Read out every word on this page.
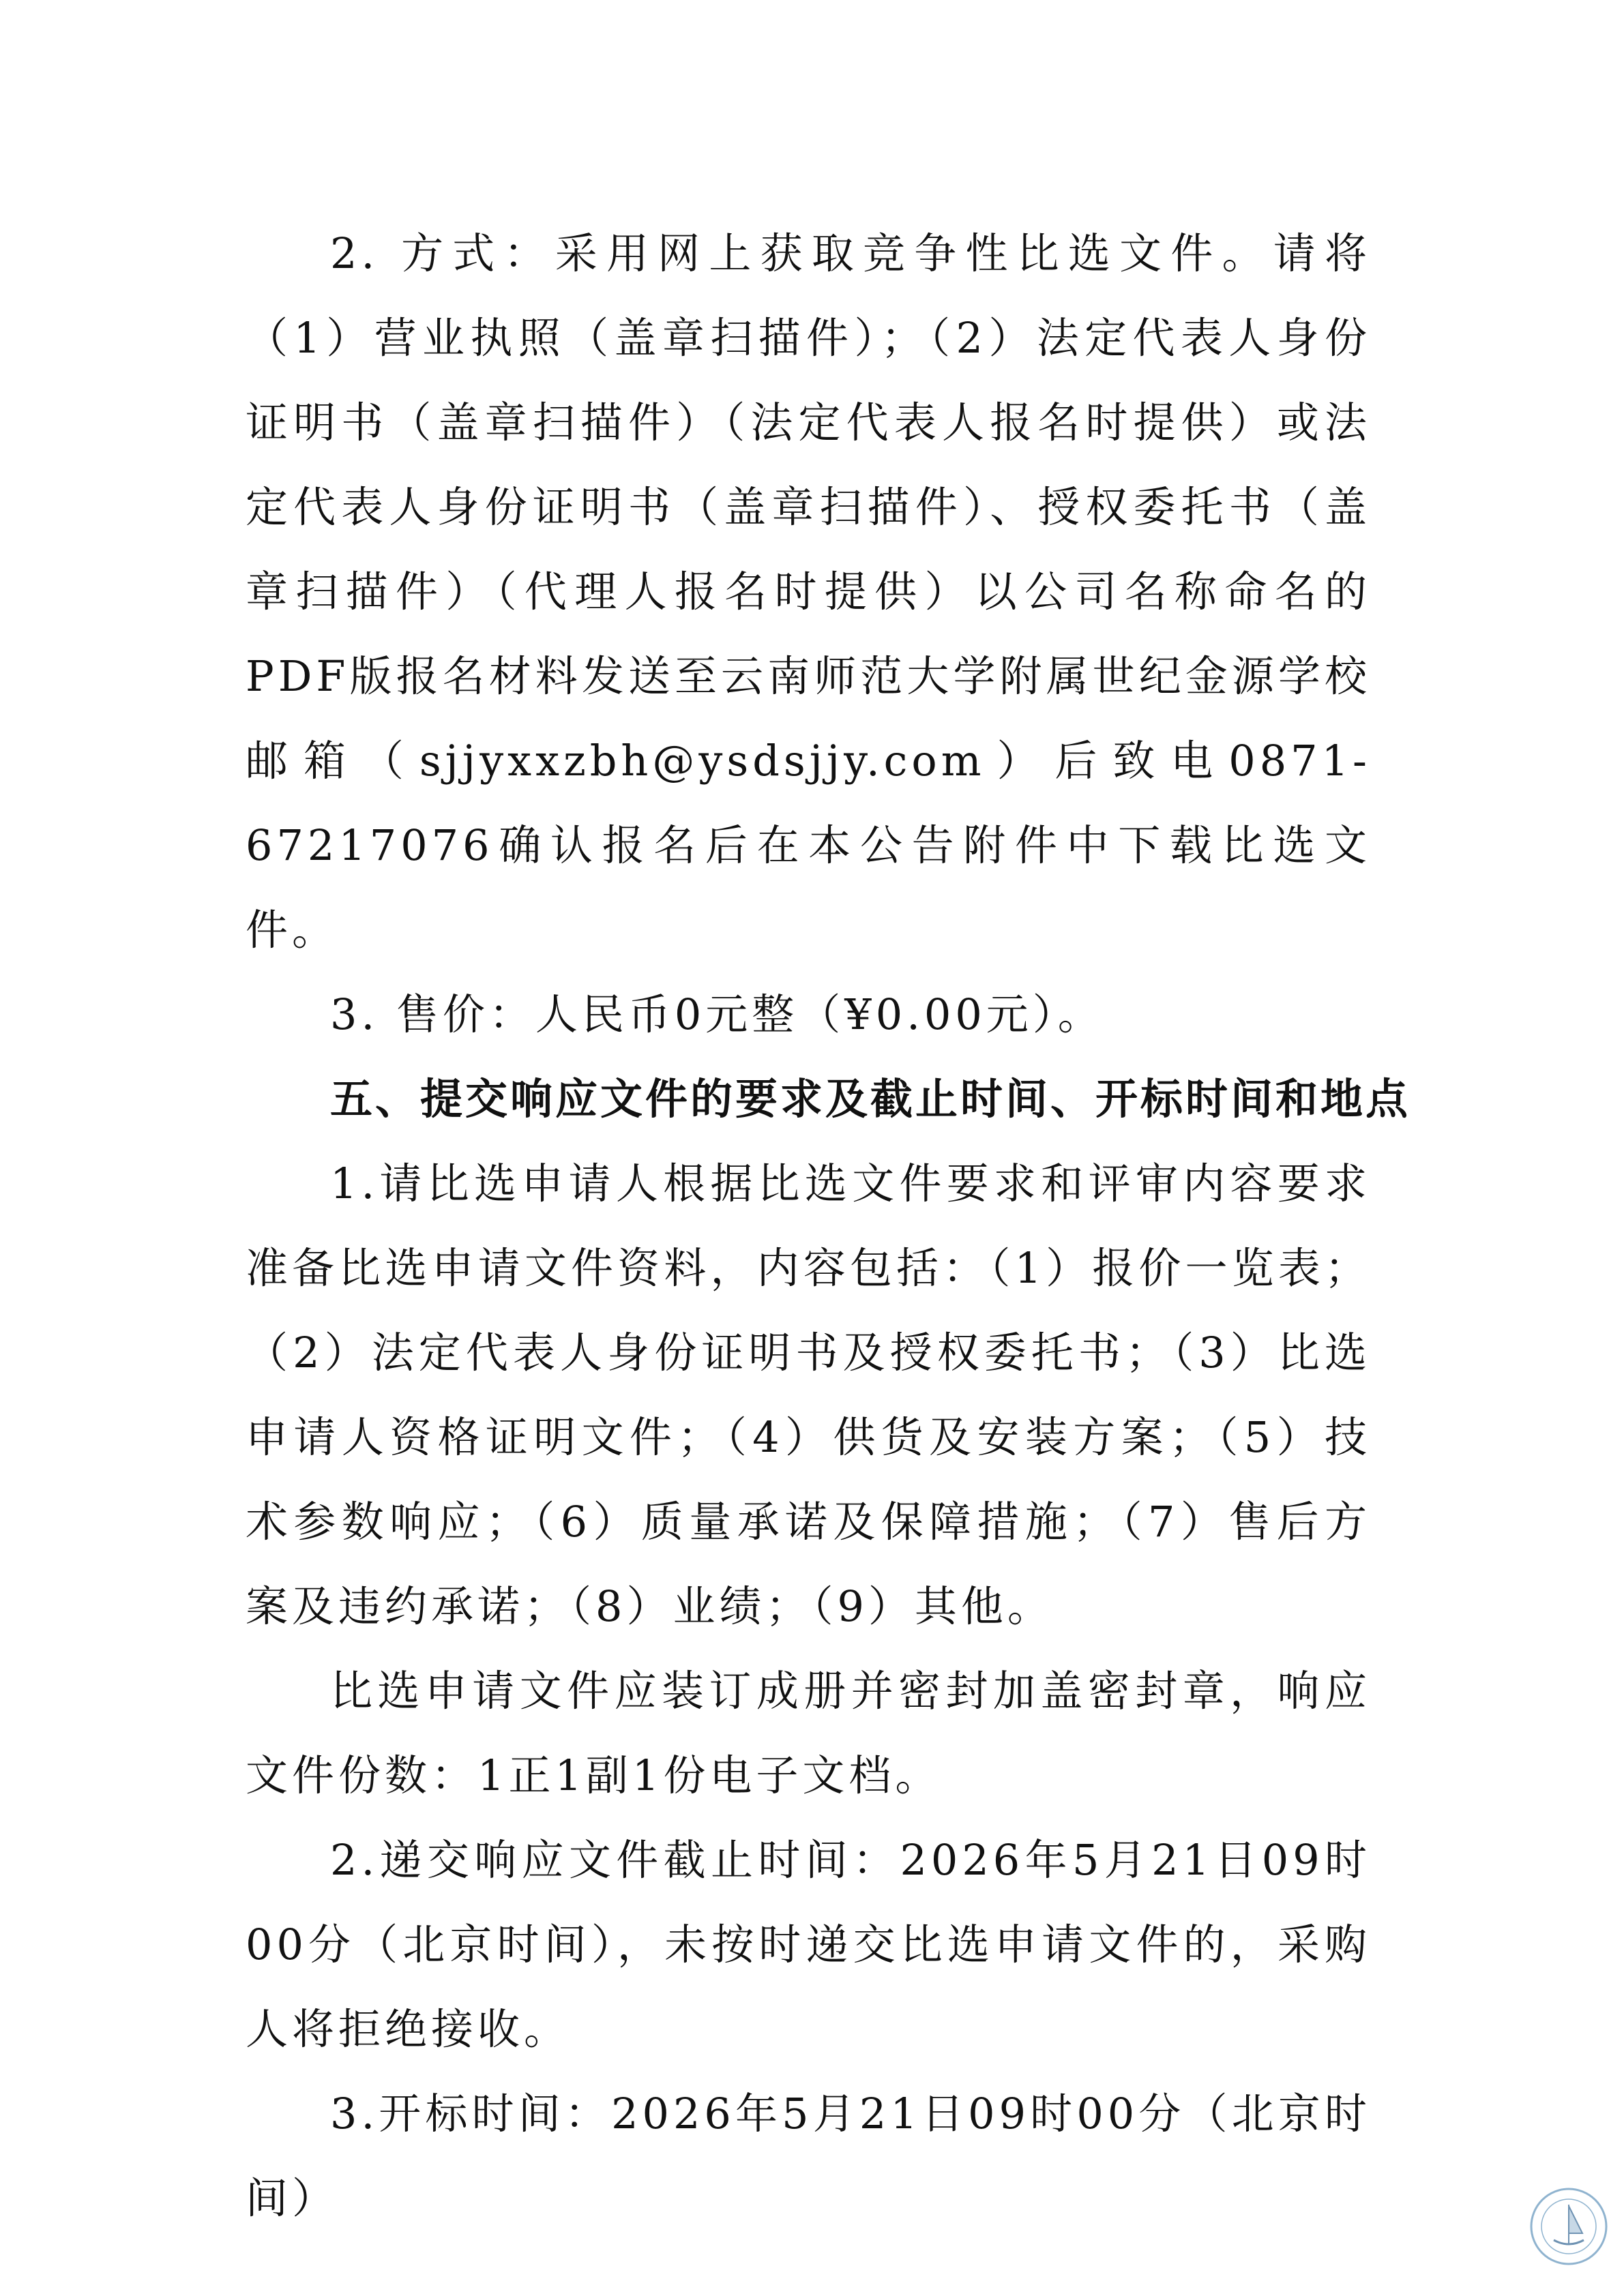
2. 方式：采用网上获取竞争性比选文件。请将（1）营业执照（盖章扫描件）；（2）法定代表人身份证明书（盖章扫描件）（法定代表人报名时提供）或法定代表人身份证明书（盖章扫描件）、授权委托书（盖章扫描件）（代理人报名时提供）以公司名称命名的PDF版报名材料发送至云南师范大学附属世纪金源学校邮箱（sjjyxxzbh@ysdsjjy.com）后致电0871-67217076确认报名后在本公告附件中下载比选文件。

3. 售价：人民币0元整（¥0.00元）。

五、提交响应文件的要求及截止时间、开标时间和地点

1.请比选申请人根据比选文件要求和评审内容要求准备比选申请文件资料，内容包括：（1）报价一览表；（2）法定代表人身份证明书及授权委托书；（3）比选申请人资格证明文件；（4）供货及安装方案；（5）技术参数响应；（6）质量承诺及保障措施；（7）售后方案及违约承诺；（8）业绩；（9）其他。

比选申请文件应装订成册并密封加盖密封章，响应文件份数：1正1副1份电子文档。

2.递交响应文件截止时间：2026年5月21日09时00分（北京时间），未按时递交比选申请文件的，采购人将拒绝接收。

3.开标时间：2026年5月21日09时00分（北京时间）
